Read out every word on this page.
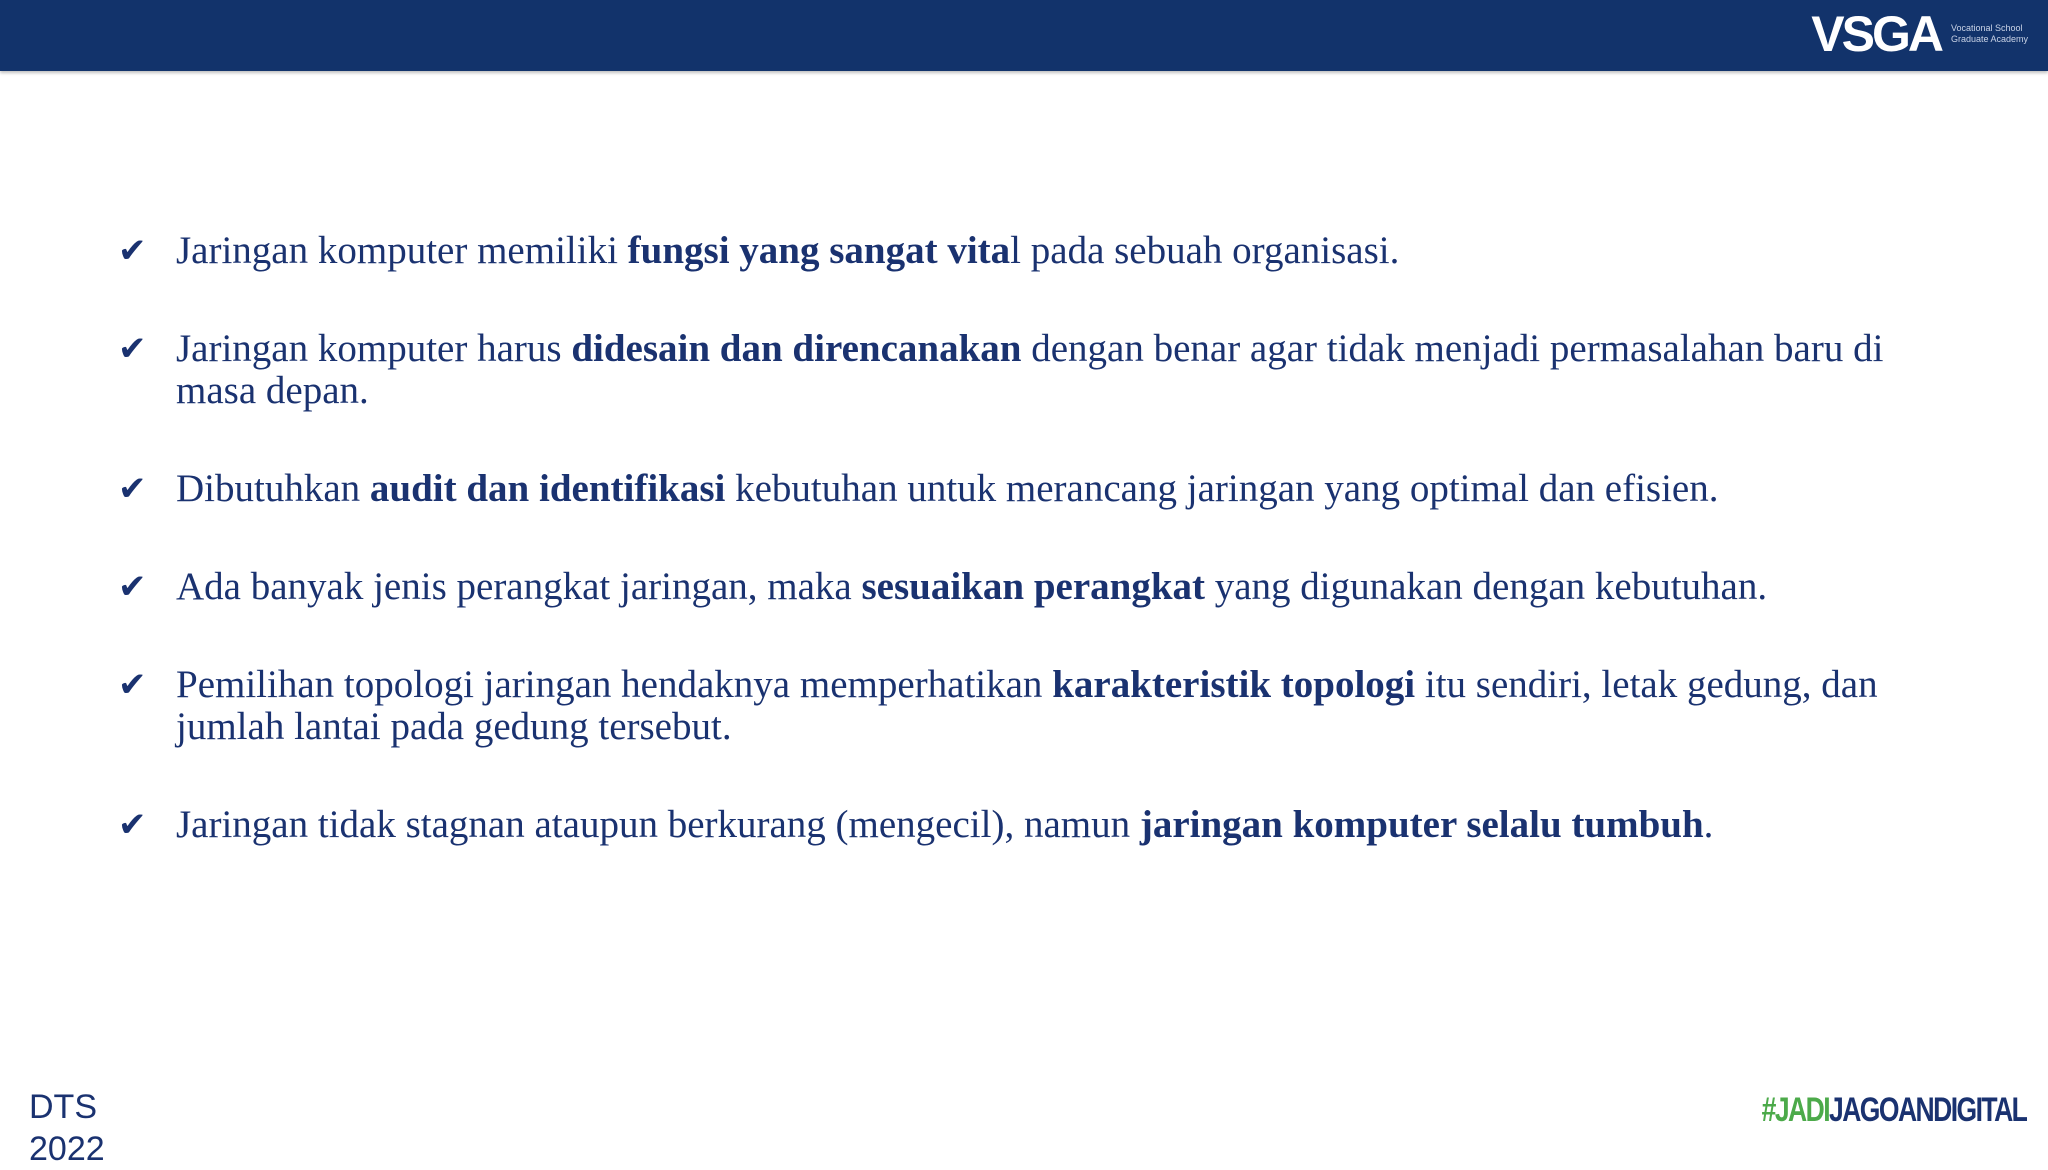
VSGA Vocational School
Graduate Academy
✔ Jaringan komputer memiliki fungsi yang sangat vital pada sebuah organisasi.
✔ Jaringan komputer harus didesain dan direncanakan dengan benar agar tidak menjadi permasalahan baru di masa depan.
✔ Dibutuhkan audit dan identifikasi kebutuhan untuk merancang jaringan yang optimal dan efisien.
✔ Ada banyak jenis perangkat jaringan, maka sesuaikan perangkat yang digunakan dengan kebutuhan.
✔ Pemilihan topologi jaringan hendaknya memperhatikan karakteristik topologi itu sendiri, letak gedung, dan jumlah lantai pada gedung tersebut.
✔ Jaringan tidak stagnan ataupun berkurang (mengecil), namun jaringan komputer selalu tumbuh.
DTS 2022
#JADIJAGOANDIGITAL
